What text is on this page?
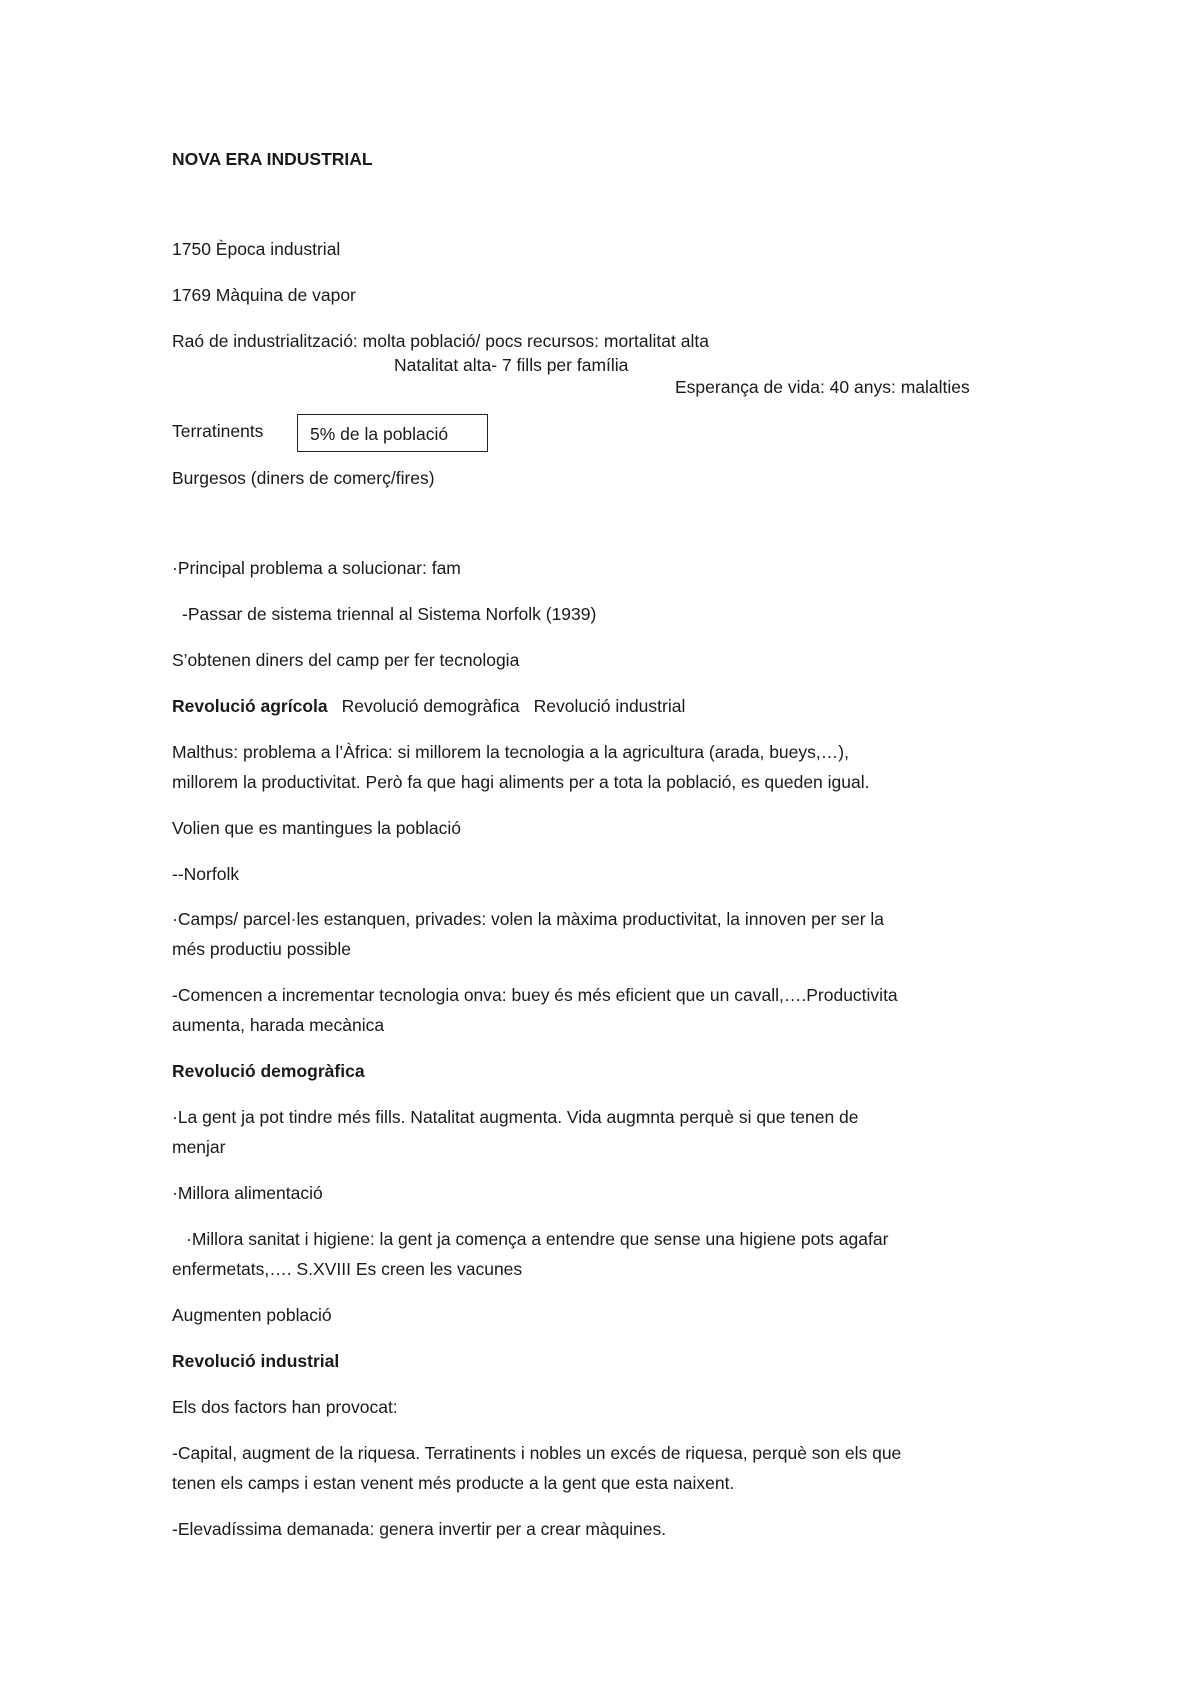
NOVA ERA INDUSTRIAL
1750 Època industrial
1769 Màquina de vapor
Raó de industrialització: molta població/ pocs recursos: mortalitat alta
Natalitat alta- 7 fills per família
Esperança de vida: 40 anys: malalties
Terratinents	5% de la població
Burgesos (diners de comerç/fires)
·Principal problema a solucionar: fam
-Passar de sistema triennal al Sistema Norfolk (1939)
S’obtenen diners del camp per fer tecnologia
Revolució agrícola Revolució demogràfica Revolució industrial
Malthus: problema a l’Àfrica: si millorem la tecnologia a la agricultura (arada, bueys,…),
millorem la productivitat. Però fa que hagi aliments per a tota la població, es queden igual.
Volien que es mantingues la població
--Norfolk
·Camps/ parcel·les estanquen, privades: volen la màxima productivitat, la innoven per ser la
més productiu possible
-Comencen a incrementar tecnologia onva: buey és més eficient que un cavall,….Productivita
aumenta, harada mecànica
Revolució demogràfica
·La gent ja pot tindre més fills. Natalitat augmenta. Vida augmnta perquè si que tenen de
menjar
·Millora alimentació
·Millora sanitat i higiene: la gent ja comença a entendre que sense una higiene pots agafar
enfermetats,…. S.XVIII Es creen les vacunes
Augmenten població
Revolució industrial
Els dos factors han provocat:
-Capital, augment de la riquesa. Terratinents i nobles un excés de riquesa, perquè son els que
tenen els camps i estan venent més producte a la gent que esta naixent.
-Elevadíssima demanada: genera invertir per a crear màquines.
